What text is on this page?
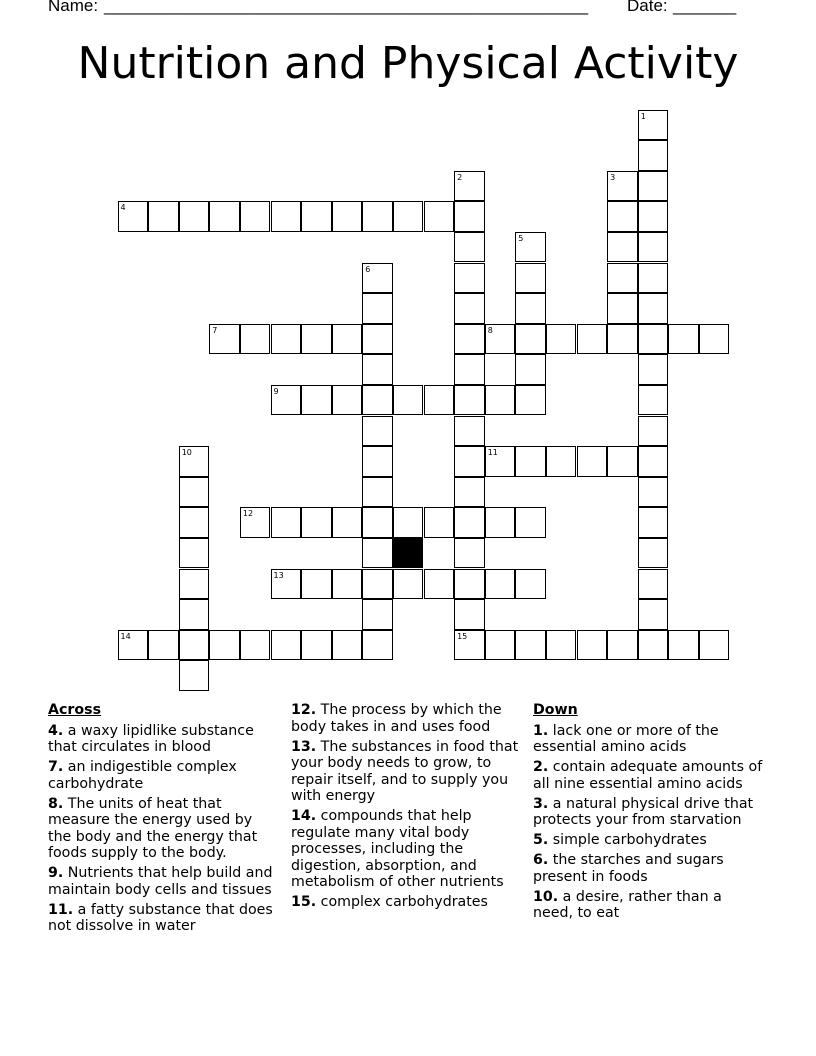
Name: ______________________________________________________ Date: _______
Nutrition and Physical Activity
1
2
15
3
4
5
6
7	8
9
10	11
12
13
14
Across
4. a waxy lipidlike substance that circulates in blood
7. an indigestible complex carbohydrate
8. The units of heat that measure the energy used by the body and the energy that foods supply to the body.
9. Nutrients that help build and maintain body cells and tissues
11. a fatty substance that does not dissolve in water
12. The process by which the body takes in and uses food
13. The substances in food that your body needs to grow, to repair itself, and to supply you with energy
14. compounds that help regulate many vital body processes, including the digestion, absorption, and metabolism of other nutrients
15. complex carbohydrates
Down
1. lack one or more of the essential amino acids
2. contain adequate amounts of all nine essential amino acids
3. a natural physical drive that protects your from starvation
5. simple carbohydrates
6. the starches and sugars present in foods
10. a desire, rather than a need, to eat
